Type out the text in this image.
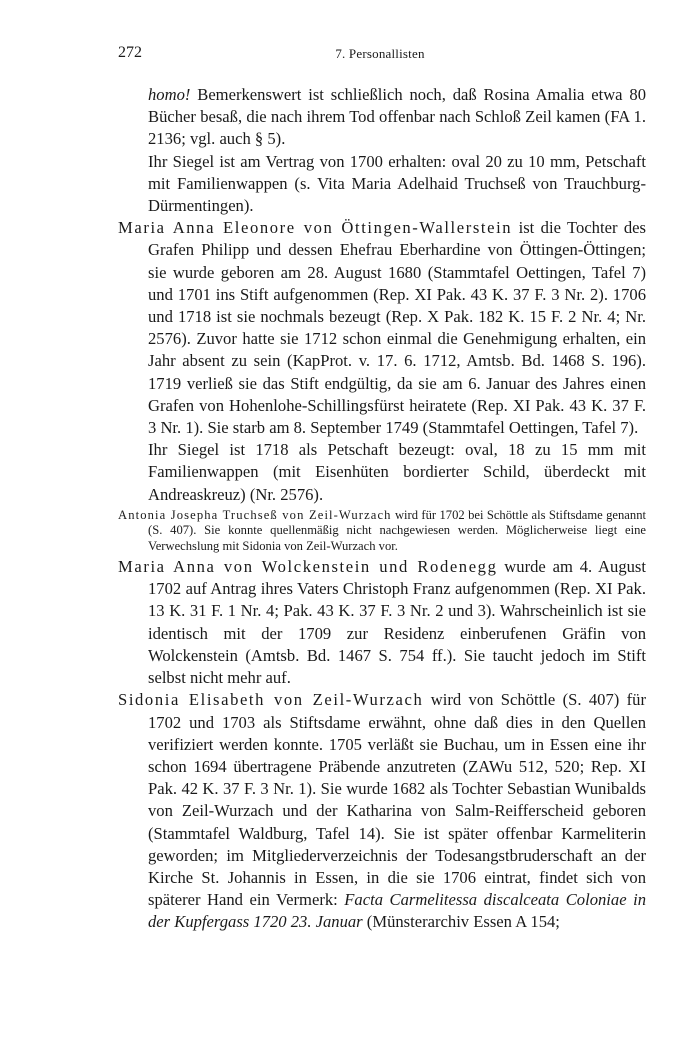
272	7. Personallisten

homo! Bemerkenswert ist schließlich noch, daß Rosina Amalia etwa 80 Bücher besaß, die nach ihrem Tod offenbar nach Schloß Zeil kamen (FA 1. 2136; vgl. auch § 5).

Ihr Siegel ist am Vertrag von 1700 erhalten: oval 20 zu 10 mm, Petschaft mit Familienwappen (s. Vita Maria Adelhaid Truchseß von Trauchburg-Dürmentingen).

Maria Anna Eleonore von Öttingen-Wallerstein ist die Tochter des Grafen Philipp und dessen Ehefrau Eberhardine von Öttingen-Öttingen; sie wurde geboren am 28. August 1680 (Stammtafel Oettingen, Tafel 7) und 1701 ins Stift aufgenommen (Rep. XI Pak. 43 K. 37 F. 3 Nr. 2). 1706 und 1718 ist sie nochmals bezeugt (Rep. X Pak. 182 K. 15 F. 2 Nr. 4; Nr. 2576). Zuvor hatte sie 1712 schon einmal die Genehmigung erhalten, ein Jahr absent zu sein (KapProt. v. 17. 6. 1712, Amtsb. Bd. 1468 S. 196). 1719 verließ sie das Stift endgültig, da sie am 6. Januar des Jahres einen Grafen von Hohenlohe-Schillingsfürst heiratete (Rep. XI Pak. 43 K. 37 F. 3 Nr. 1). Sie starb am 8. September 1749 (Stammtafel Oettingen, Tafel 7).

Ihr Siegel ist 1718 als Petschaft bezeugt: oval, 18 zu 15 mm mit Familienwappen (mit Eisenhüten bordierter Schild, überdeckt mit Andreaskreuz) (Nr. 2576).

Antonia Josepha Truchseß von Zeil-Wurzach wird für 1702 bei Schöttle als Stiftsdame genannt (S. 407). Sie konnte quellenmäßig nicht nachgewiesen werden. Möglicherweise liegt eine Verwechslung mit Sidonia von Zeil-Wurzach vor.

Maria Anna von Wolckenstein und Rodenegg wurde am 4. August 1702 auf Antrag ihres Vaters Christoph Franz aufgenommen (Rep. XI Pak. 13 K. 31 F. 1 Nr. 4; Pak. 43 K. 37 F. 3 Nr. 2 und 3). Wahrscheinlich ist sie identisch mit der 1709 zur Residenz einberufenen Gräfin von Wolckenstein (Amtsb. Bd. 1467 S. 754 ff.). Sie taucht jedoch im Stift selbst nicht mehr auf.

Sidonia Elisabeth von Zeil-Wurzach wird von Schöttle (S. 407) für 1702 und 1703 als Stiftsdame erwähnt, ohne daß dies in den Quellen verifiziert werden konnte. 1705 verläßt sie Buchau, um in Essen eine ihr schon 1694 übertragene Präbende anzutreten (ZAWu 512, 520; Rep. XI Pak. 42 K. 37 F. 3 Nr. 1). Sie wurde 1682 als Tochter Sebastian Wunibalds von Zeil-Wurzach und der Katharina von Salm-Reifferscheid geboren (Stammtafel Waldburg, Tafel 14). Sie ist später offenbar Karmeliterin geworden; im Mitgliederverzeichnis der Todesangstbruderschaft an der Kirche St. Johannis in Essen, in die sie 1706 eintrat, findet sich von späterer Hand ein Vermerk: Facta Carmelitessa discalceata Coloniae in der Kupfergass 1720 23. Januar (Münsterarchiv Essen A 154;
